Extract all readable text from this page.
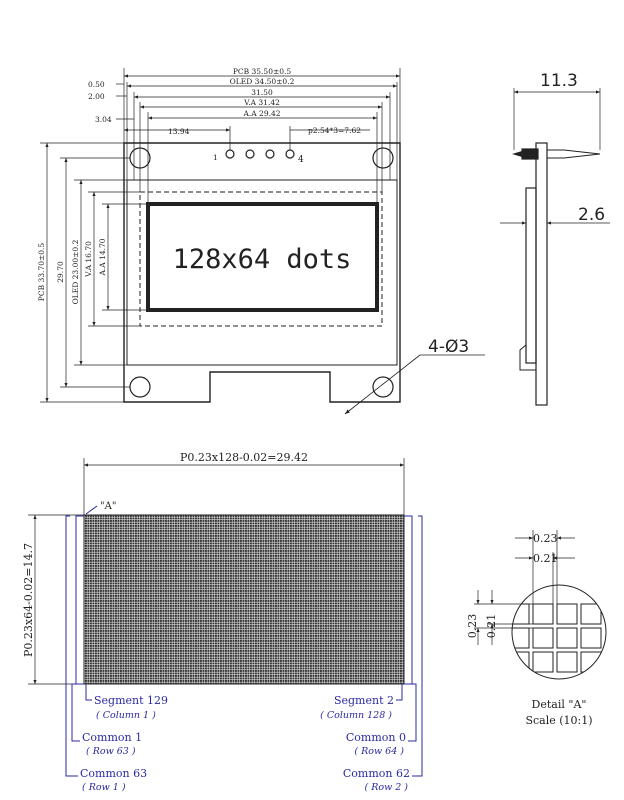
PCB 35.50±0.5
OLED 34.50±0.2
31.50
V.A 31.42
A.A 29.42
0.50
2.00
3.04
13.94	p2.54*3=7.62
1	4
PCB 33.70±0.5 29.70 OLED 23.00±0.2 V.A 16.70 A.A 14.70 128x64 dots
4-Ø3
11.3
2.6
"A"
P0.23x128-0.02=29.42
P0.23x64-0.02=14.7
Segment 129
( Column 1 )
Segment 2
( Column 128 )
Common 1
( Row 63 )
Common 0
( Row 64 )
Common 63
( Row 1 )
Common 62
( Row 2 )
0.23
0.21
0.23 0.21
Detail "A"
Scale (10:1)
